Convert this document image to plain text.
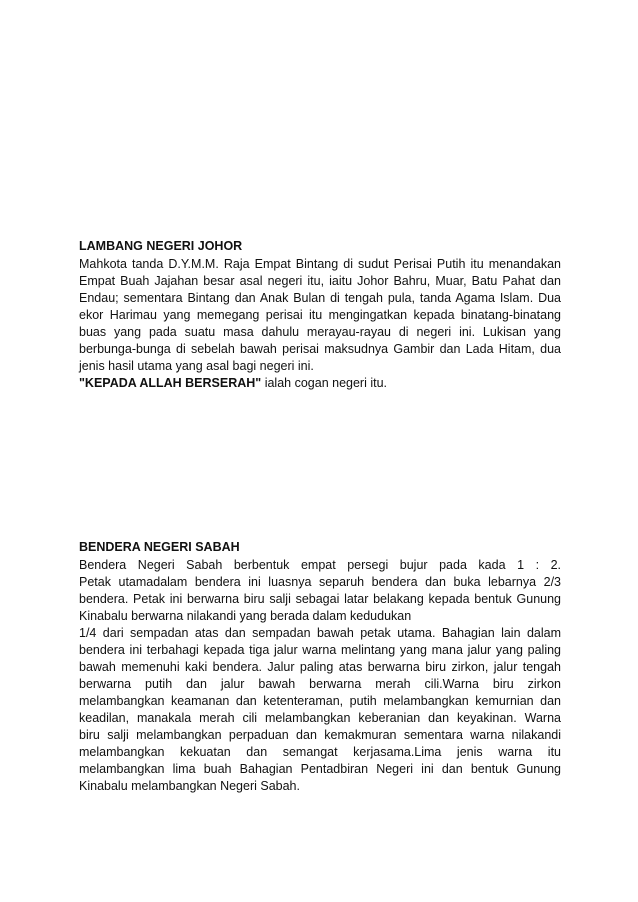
LAMBANG NEGERI JOHOR
Mahkota tanda D.Y.M.M. Raja Empat Bintang di sudut Perisai Putih itu menandakan
Empat Buah Jajahan besar asal negeri itu, iaitu Johor Bahru, Muar, Batu Pahat dan
Endau; sementara Bintang dan Anak Bulan di tengah pula, tanda Agama Islam. Dua
ekor Harimau yang memegang perisai itu mengingatkan kepada binatang-binatang
buas yang pada suatu masa dahulu merayau-rayau di negeri ini. Lukisan yang
berbunga-bunga di sebelah bawah perisai maksudnya Gambir dan Lada Hitam, dua
jenis hasil utama yang asal bagi negeri ini.
"KEPADA ALLAH BERSERAH" ialah cogan negeri itu.
BENDERA NEGERI SABAH
Bendera Negeri Sabah berbentuk empat persegi bujur pada kada 1 : 2.
Petak utamadalam bendera ini luasnya separuh bendera dan buka lebarnya 2/3
bendera. Petak ini berwarna biru salji sebagai latar belakang kepada bentuk Gunung
Kinabalu berwarna nilakandi yang berada dalam kedudukan
1/4 dari sempadan atas dan sempadan bawah petak utama. Bahagian lain dalam
bendera ini terbahagi kepada tiga jalur warna melintang yang mana jalur yang paling
bawah memenuhi kaki bendera. Jalur paling atas berwarna biru zirkon, jalur tengah
berwarna putih dan jalur bawah berwarna merah cili.Warna biru zirkon
melambangkan keamanan dan ketenteraman, putih melambangkan kemurnian dan
keadilan, manakala merah cili melambangkan keberanian dan keyakinan. Warna
biru salji melambangkan perpaduan dan kemakmuran sementara warna nilakandi
melambangkan kekuatan dan semangat kerjasama.Lima jenis warna itu
melambangkan lima buah Bahagian Pentadbiran Negeri ini dan bentuk Gunung
Kinabalu melambangkan Negeri Sabah.
